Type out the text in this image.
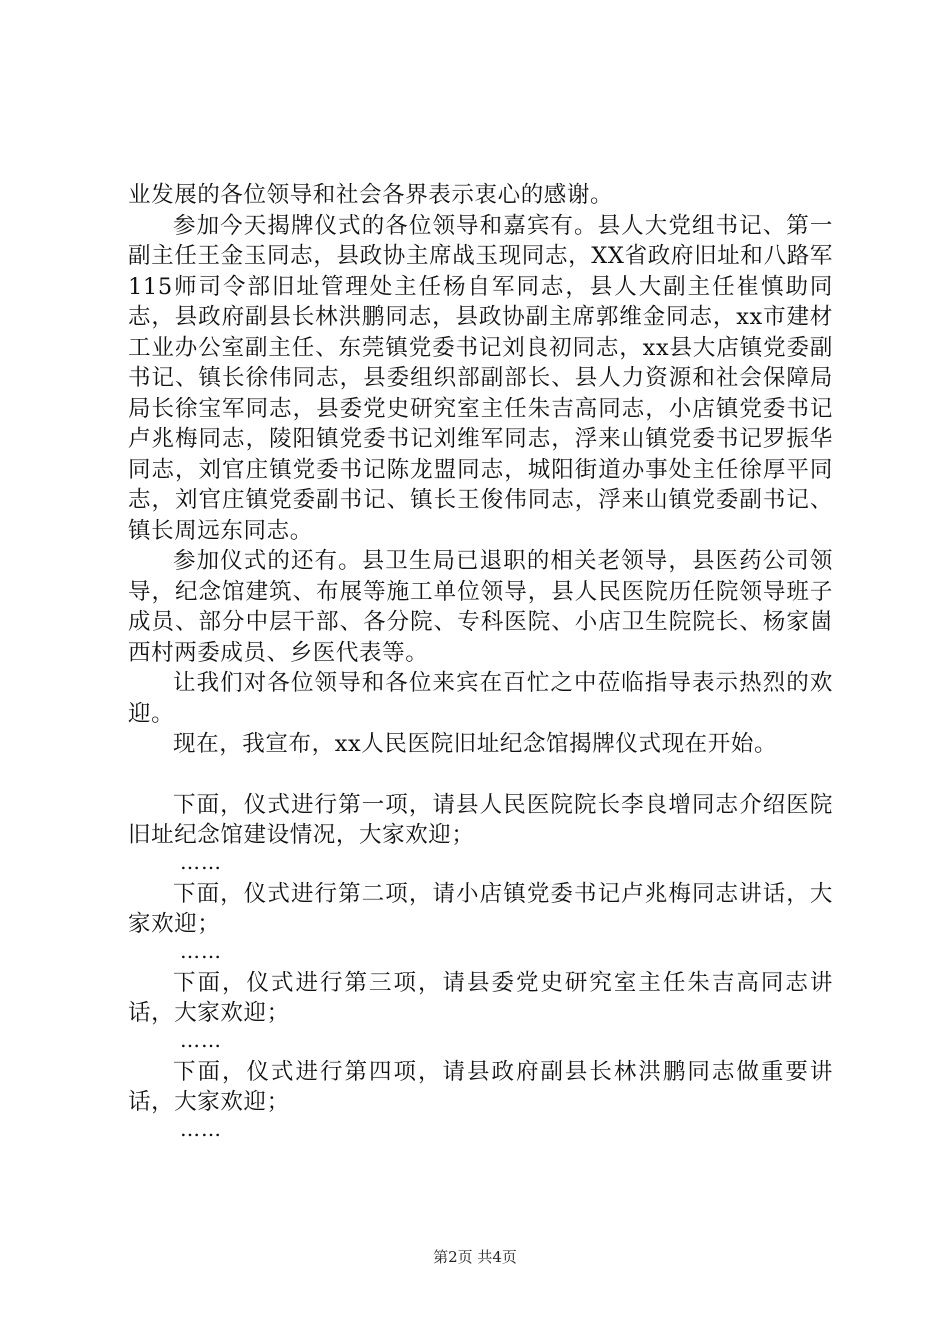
业发展的各位领导和社会各界表示衷心的感谢。

参加今天揭牌仪式的各位领导和嘉宾有。县人大党组书记、第一副主任王金玉同志，县政协主席战玉现同志，XX省政府旧址和八路军115师司令部旧址管理处主任杨自军同志，县人大副主任崔慎助同志，县政府副县长林洪鹏同志，县政协副主席郭维金同志，xx市建材工业办公室副主任、东莞镇党委书记刘良初同志，xx县大店镇党委副书记、镇长徐伟同志，县委组织部副部长、县人力资源和社会保障局局长徐宝军同志，县委党史研究室主任朱吉高同志，小店镇党委书记卢兆梅同志，陵阳镇党委书记刘维军同志，浮来山镇党委书记罗振华同志，刘官庄镇党委书记陈龙盟同志，城阳街道办事处主任徐厚平同志，刘官庄镇党委副书记、镇长王俊伟同志，浮来山镇党委副书记、镇长周远东同志。

参加仪式的还有。县卫生局已退职的相关老领导，县医药公司领导，纪念馆建筑、布展等施工单位领导，县人民医院历任院领导班子成员、部分中层干部、各分院、专科医院、小店卫生院院长、杨家崮西村两委成员、乡医代表等。

让我们对各位领导和各位来宾在百忙之中莅临指导表示热烈的欢迎。

现在，我宣布，xx人民医院旧址纪念馆揭牌仪式现在开始。

下面，仪式进行第一项，请县人民医院院长李良增同志介绍医院旧址纪念馆建设情况，大家欢迎；

……

下面，仪式进行第二项，请小店镇党委书记卢兆梅同志讲话，大家欢迎；

……

下面，仪式进行第三项，请县委党史研究室主任朱吉高同志讲话，大家欢迎；

……

下面，仪式进行第四项，请县政府副县长林洪鹏同志做重要讲话，大家欢迎；

……

第2页 共4页
